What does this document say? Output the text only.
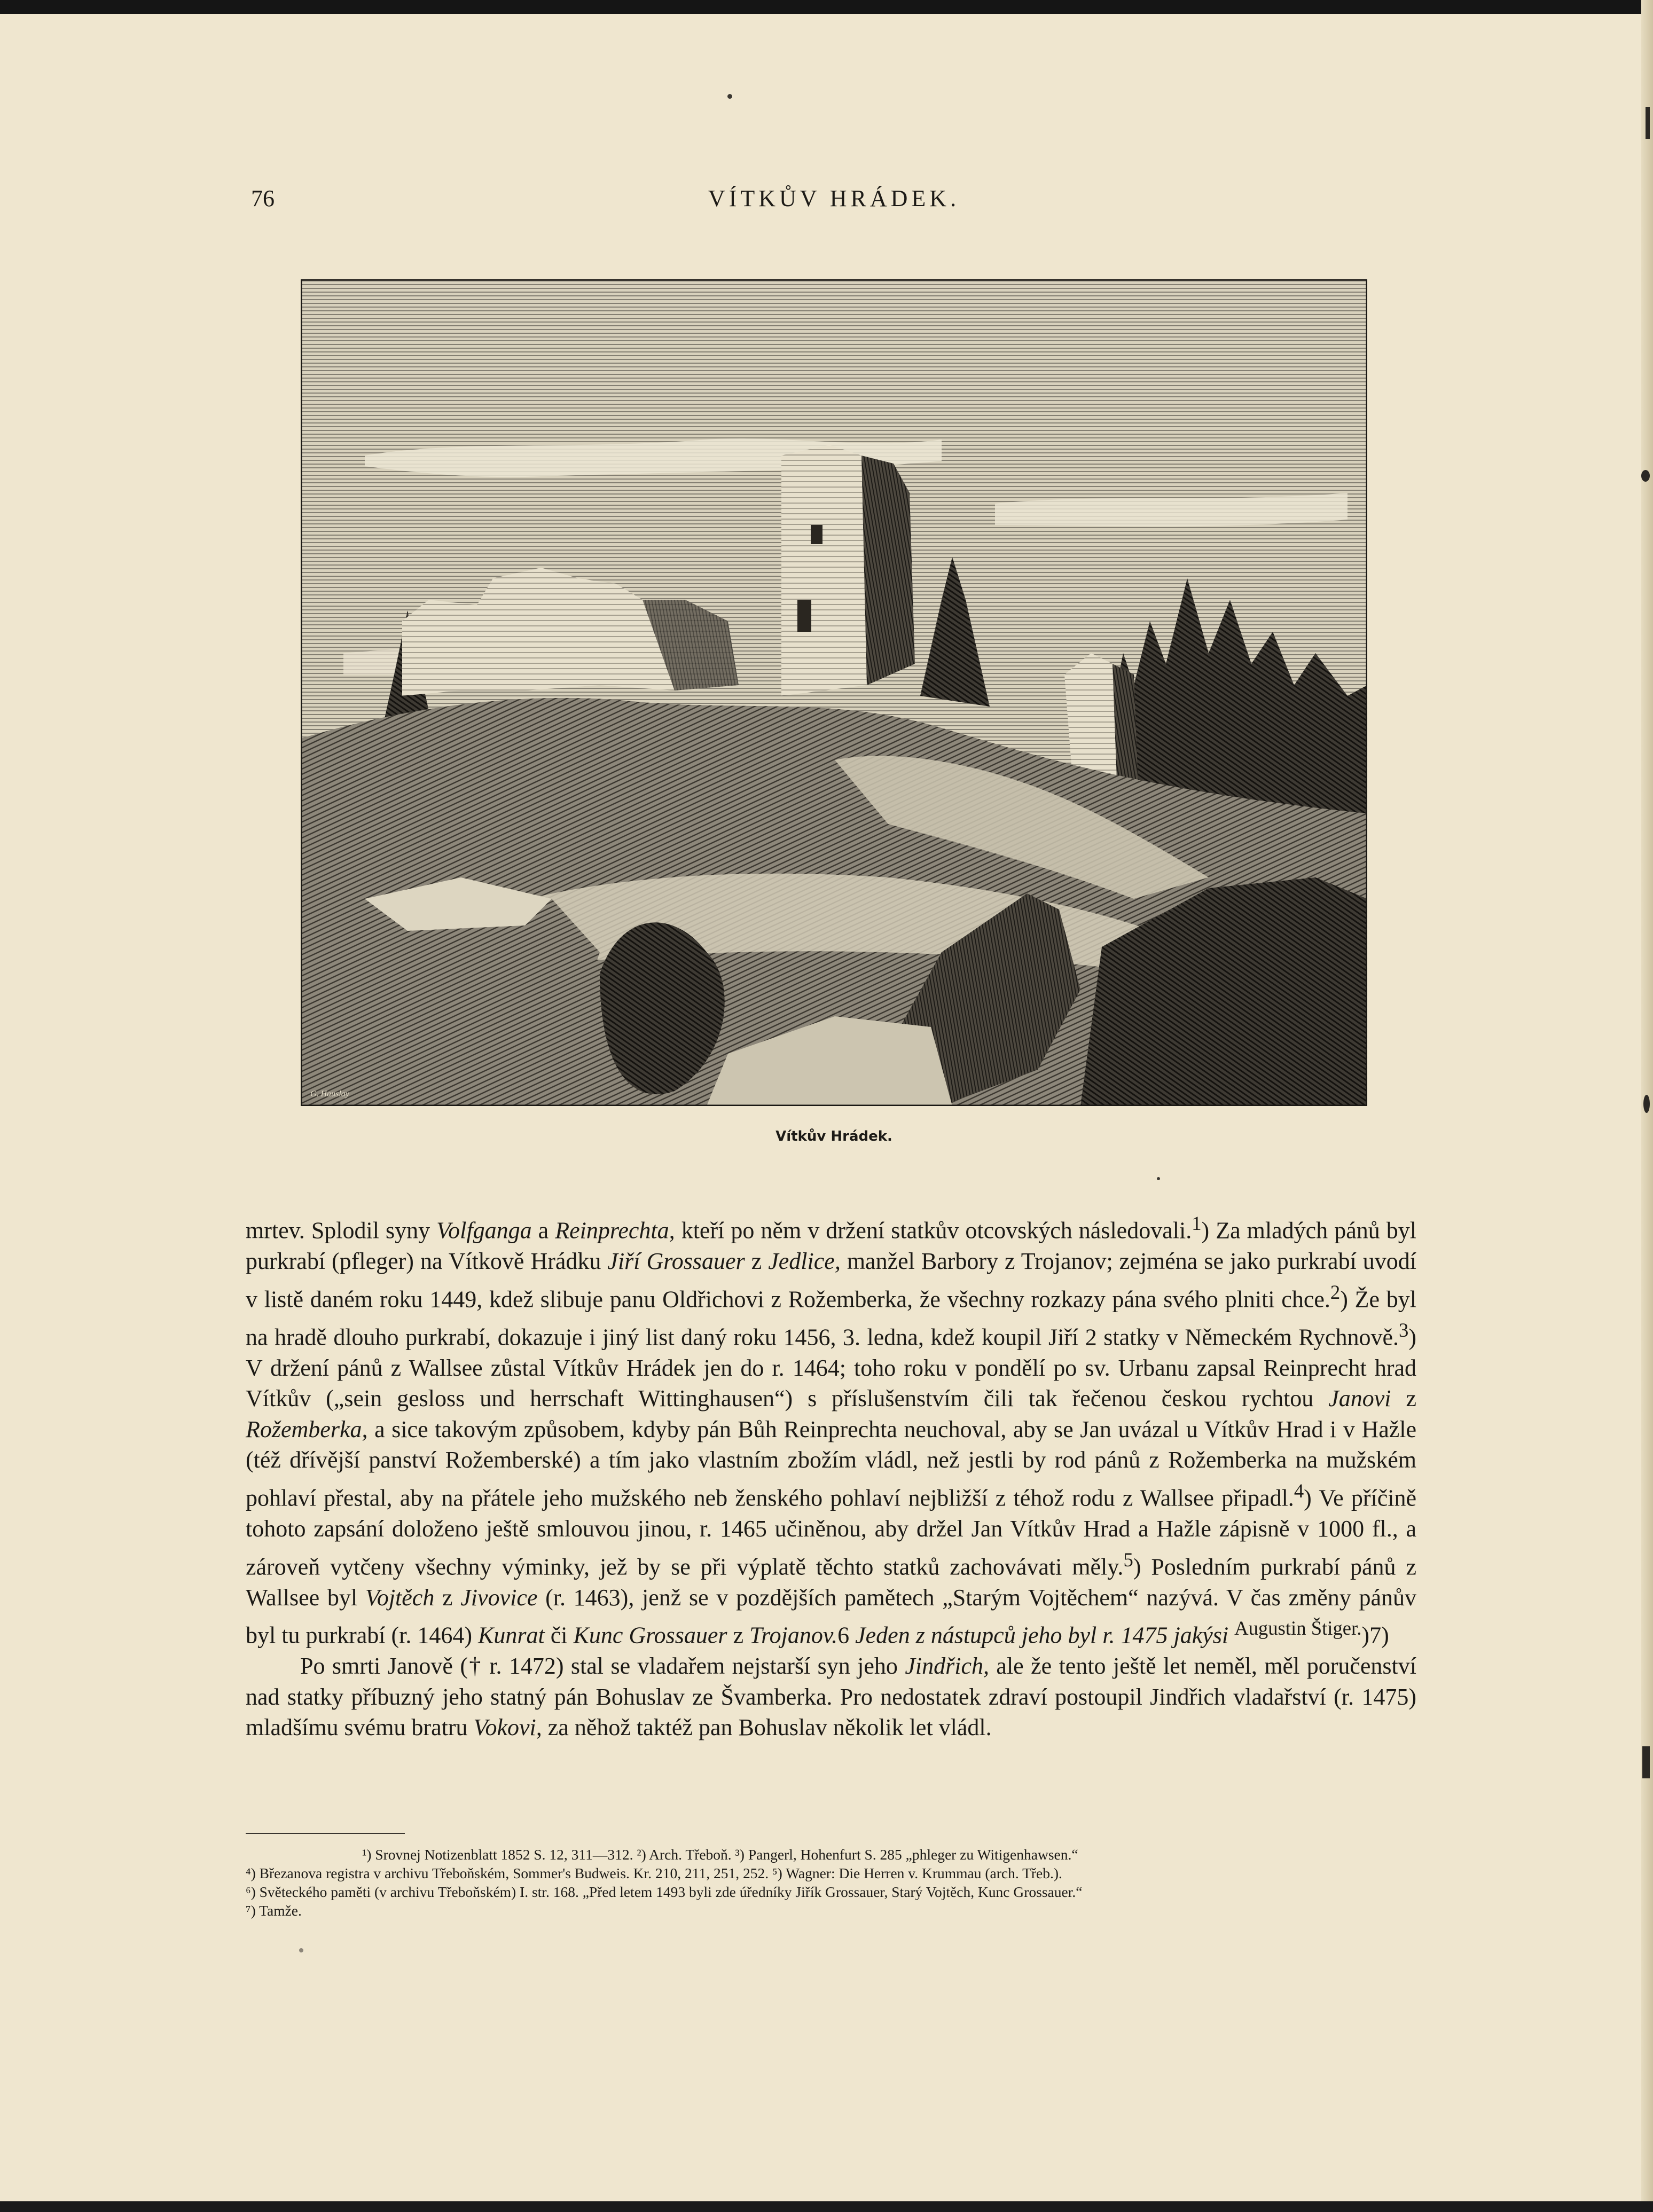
76	VÍTKŮV HRÁDEK.
G. Hauslay
Vítkův Hrádek.

mrtev. Splodil syny Volfganga a Reinprechta, kteří po něm v držení statkův otcovských následovali.$^1$) Za mladých pánů byl purkrabí (pfleger) na Vítkově Hrádku Jiří Grossauer z Jedlice, manžel Barbory z Trojanov; zejména se jako purkrabí uvodí v listě daném roku 1449, kdež slibuje panu Oldřichovi z Rožemberka, že všechny rozkazy pána svého plniti chce.$^2$) Že byl na hradě dlouho purkrabí, dokazuje i jiný list daný roku 1456, 3. ledna, kdež koupil Jiří 2 statky v Německém Rychnově.$^3$) V držení pánů z Wallsee zůstal Vítkův Hrádek jen do r. 1464; toho roku v pondělí po sv. Urbanu zapsal Reinprecht hrad Vítkův („sein gesloss und herrschaft Wittinghausen“) s příslušenstvím čili tak řečenou českou rychtou Janovi z Rožemberka, a sice takovým způsobem, kdyby pán Bůh Reinprechta neuchoval, aby se Jan uvázal u Vítkův Hrad i v Hažle (též dřívější panství Rožemberské) a tím jako vlastním zbožím vládl, než jestli by rod pánů z Rožemberka na mužském pohlaví přestal, aby na přátele jeho mužského neb ženského pohlaví nejbližší z téhož rodu z Wallsee připadl.$^4$) Ve příčině tohoto zapsání doloženo ještě smlouvou jinou, r. 1465 učiněnou, aby držel Jan Vítkův Hrad a Hažle zápisně v 1000 fl., a zároveň vytčeny všechny výminky, jež by se při výplatě těchto statků zachovávati měly.$^5$) Posledním purkrabí pánů z Wallsee byl Vojtěch z Jivovice (r. 1463), jenž se v pozdějších pamětech „Starým Vojtěchem“ nazývá. V čas změny pánův byl tu purkrabí (r. 1464) Kunrat či Kunc Grossauer z Trojanov.6 Jeden z nástupců jeho byl r. 1475 jakýsi $^{Augustin Štiger.}$)7)

Po smrti Janově († r. 1472) stal se vladařem nejstarší syn jeho Jindřich, ale že tento ještě let neměl, měl poručenství nad statky příbuzný jeho statný pán Bohuslav ze Švamberka. Pro nedostatek zdraví postoupil Jindřich vladařství (r. 1475) mladšímu svému bratru Vokovi, za něhož taktéž pan Bohuslav několik let vládl.

¹) Srovnej Notizenblatt 1852 S. 12, 311—312. ²) Arch. Třeboň. ³) Pangerl, Hohenfurt S. 285 „phleger zu Witigenhawsen.“
⁴) Březanova registra v archivu Třeboňském, Sommer's Budweis. Kr. 210, 211, 251, 252. ⁵) Wagner: Die Herren v. Krummau (arch. Třeb.).
⁶) Světeckého paměti (v archivu Třeboňském) I. str. 168. „Před letem 1493 byli zde úředníky Jiřík Grossauer, Starý Vojtěch, Kunc Grossauer.“
⁷) Tamže.
